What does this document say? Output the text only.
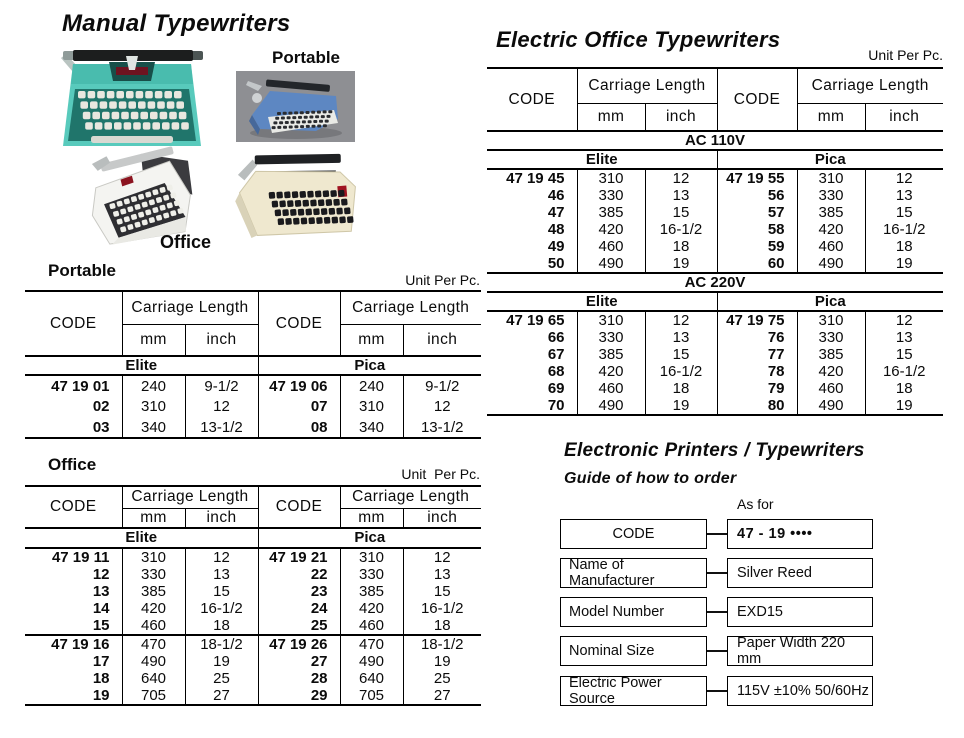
Manual Typewriters
Portable
Office
Portable	Unit Per Pc.
CODE	Carriage Length		CODE	Carriage Length	
	mm	inch		mm	inch
Elite			Pica		
47 19 01	240	9-1/2	47 19 06	240	9-1/2
02	310	12	07	310	12
03	340	13-1/2	08	340	13-1/2
Office	Unit  Per Pc.
CODE	Carriage Length		CODE	Carriage Length	
	mm	inch		mm	inch
Elite			Pica		
47 19 11	310	12	47 19 21	310	12
12	330	13	22	330	13
13	385	15	23	385	15
14	420	16-1/2	24	420	16-1/2
15	460	18	25	460	18
47 19 16	470	18-1/2	47 19 26	470	18-1/2
17	490	19	27	490	19
18	640	25	28	640	25
19	705	27	29	705	27
Electric Office Typewriters
Unit Per Pc.
CODE	Carriage Length		CODE	Carriage Length	
	mm	inch		mm	inch
AC 110V					
Elite			Pica		
47 19 45	310	12	47 19 55	310	12
46	330	13	56	330	13
47	385	15	57	385	15
48	420	16-1/2	58	420	16-1/2
49	460	18	59	460	18
50	490	19	60	490	19
AC 220V					
Elite			Pica		
47 19 65	310	12	47 19 75	310	12
66	330	13	76	330	13
67	385	15	77	385	15
68	420	16-1/2	78	420	16-1/2
69	460	18	79	460	18
70	490	19	80	490	19
Electronic Printers / Typewriters
Guide of how to order
As for
CODE	47 - 19 ••••
Name of Manufacturer	Silver Reed
Model Number	EXD15
Nominal Size	Paper Width 220 mm
Electric Power Source	115V ±10% 50/60Hz
